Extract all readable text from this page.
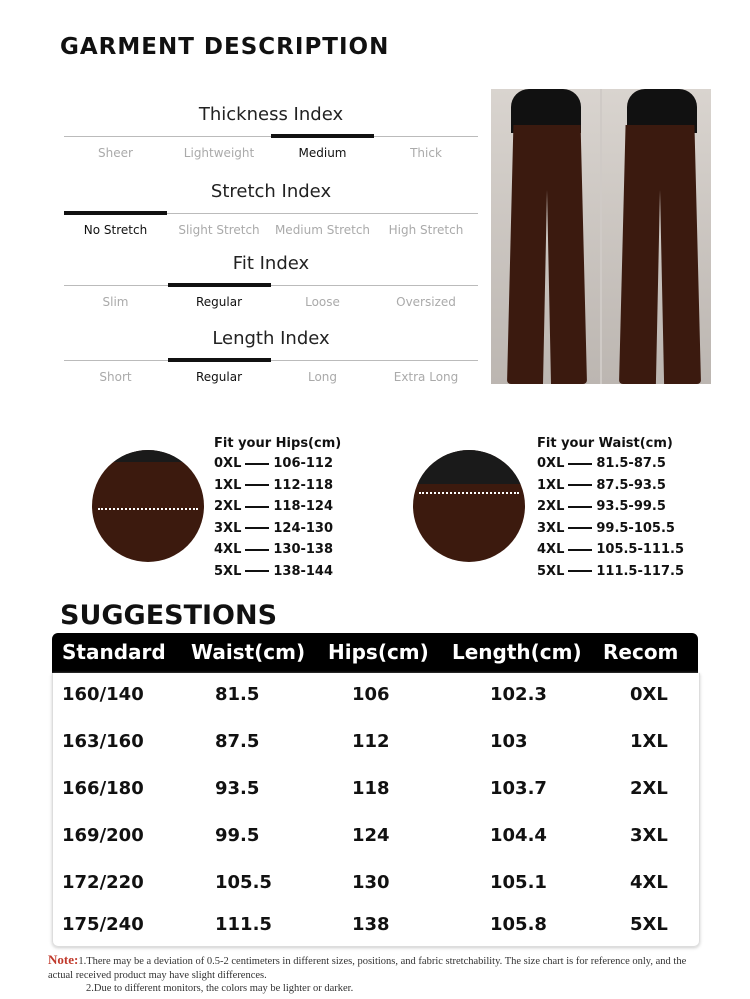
GARMENT DESCRIPTION
Thickness Index
Sheer	Lightweight	Medium	Thick
Stretch Index
No Stretch	Slight Stretch	Medium Stretch	High Stretch
Fit Index
Slim	Regular	Loose	Oversized
Length Index
Short	Regular	Long	Extra Long
Fit your Hips(cm)
0XL 106-112
1XL 112-118
2XL 118-124
3XL 124-130
4XL 130-138
5XL 138-144
Fit your Waist(cm)
0XL 81.5-87.5
1XL 87.5-93.5
2XL 93.5-99.5
3XL 99.5-105.5
4XL 105.5-111.5
5XL 111.5-117.5
SUGGESTIONS
Standard Waist(cm) Hips(cm) Length(cm) Recom
160/140	81.5	106	102.3	0XL
163/160	87.5	112	103	1XL
166/180	93.5	118	103.7	2XL
169/200	99.5	124	104.4	3XL
172/220	105.5	130	105.1	4XL
175/240	111.5	138	105.8	5XL
Note:1.There may be a deviation of 0.5-2 centimeters in different sizes, positions, and fabric stretchability. The size chart is for reference only, and the actual received product may have slight differences.
2.Due to different monitors, the colors may be lighter or darker.
